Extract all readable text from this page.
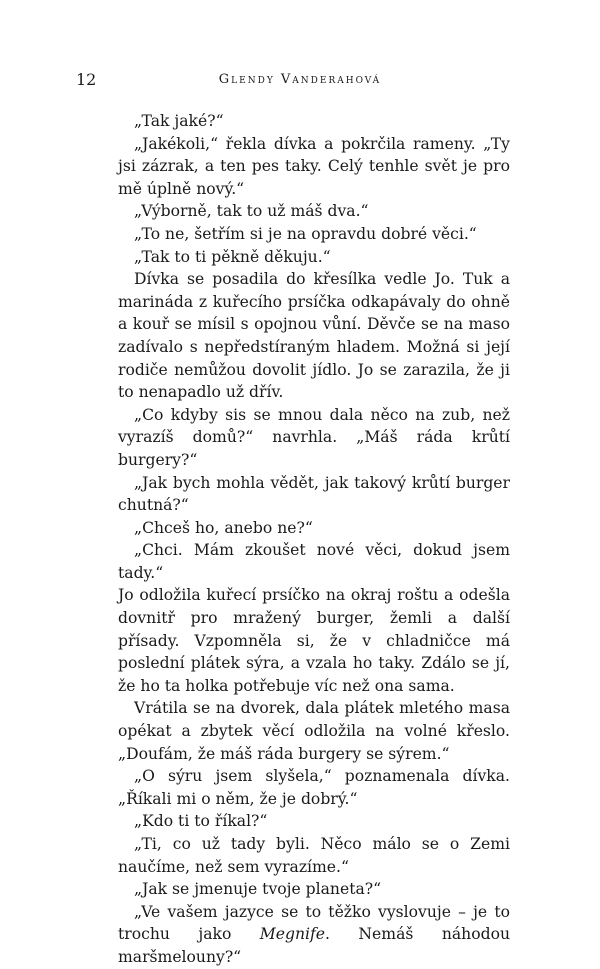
12	Glendy Vanderahová

„Tak jaké?“

„Jakékoli,“ řekla dívka a pokrčila rameny. „Ty jsi zázrak, a ten pes taky. Celý tenhle svět je pro mě úplně nový.“

„Výborně, tak to už máš dva.“

„To ne, šetřím si je na opravdu dobré věci.“

„Tak to ti pěkně děkuju.“

Dívka se posadila do křesílka vedle Jo. Tuk a marináda z kuřecího prsíčka odkapávaly do ohně a kouř se mísil s opojnou vůní. Děvče se na maso zadívalo s nepředstíraným hladem. Možná si její rodiče nemůžou dovolit jídlo. Jo se zarazila, že ji to nenapadlo už dřív.

„Co kdyby sis se mnou dala něco na zub, než vyrazíš domů?“ navrhla. „Máš ráda krůtí burgery?“

„Jak bych mohla vědět, jak takový krůtí burger chutná?“

„Chceš ho, anebo ne?“

„Chci. Mám zkoušet nové věci, dokud jsem tady.“

Jo odložila kuřecí prsíčko na okraj roštu a odešla dovnitř pro mražený burger, žemli a další přísady. Vzpomněla si, že v chladničce má poslední plátek sýra, a vzala ho taky. Zdálo se jí, že ho ta holka potřebuje víc než ona sama.

Vrátila se na dvorek, dala plátek mletého masa opékat a zbytek věcí odložila na volné křeslo. „Doufám, že máš ráda burgery se sýrem.“

„O sýru jsem slyšela,“ poznamenala dívka. „Říkali mi o něm, že je dobrý.“

„Kdo ti to říkal?“

„Ti, co už tady byli. Něco málo se o Zemi naučíme, než sem vyrazíme.“

„Jak se jmenuje tvoje planeta?“

„Ve vašem jazyce se to těžko vyslovuje – je to trochu jako Megnife. Nemáš náhodou maršmelouny?“
